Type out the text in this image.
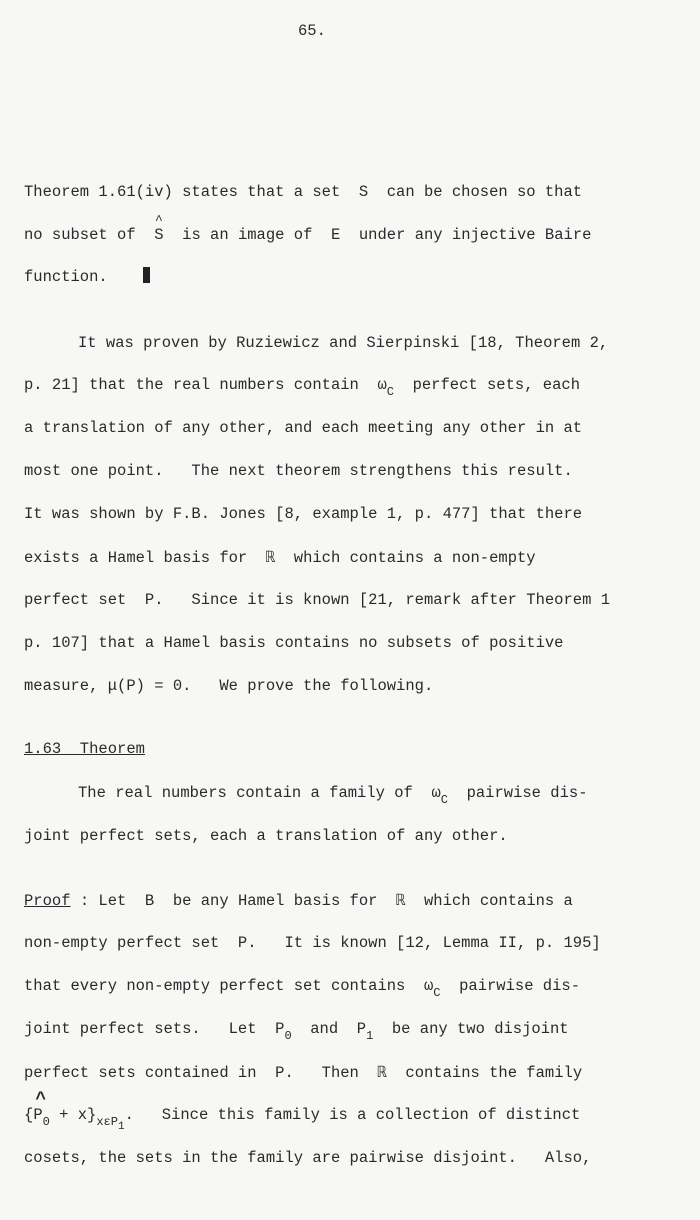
65.
Theorem 1.61(iv) states that a set  S  can be chosen so that
no subset of  ^ S  is an image of  E  under any injective Baire
function.
It was proven by Ruziewicz and Sierpinski [18, Theorem 2,
p. 21] that the real numbers contain  $\omega_C$  perfect sets, each
a translation of any other, and each meeting any other in at
most one point.   The next theorem strengthens this result.
It was shown by F.B. Jones [8, example 1, p. 477] that there
exists a Hamel basis for  ℝ  which contains a non-empty
perfect set  P.   Since it is known [21, remark after Theorem 1
p. 107] that a Hamel basis contains no subsets of positive
measure, μ(P) = 0.   We prove the following.
1.63  Theorem
The real numbers contain a family of  $\omega_C$  pairwise dis-
joint perfect sets, each a translation of any other.
Proof : Let  B  be any Hamel basis for  ℝ  which contains a
non-empty perfect set  P.   It is known [12, Lemma II, p. 195]
that every non-empty perfect set contains  $\omega_C$  pairwise dis-
joint perfect sets.   Let  $P_0$  and  $P_1$  be any two disjoint
perfect sets contained in  P.   Then  ℝ  contains the family
{^ $P_0 + x\}_{x\varepsilon P1}$.   Since this family is a collection of distinct
cosets, the sets in the family are pairwise disjoint.   Also,
